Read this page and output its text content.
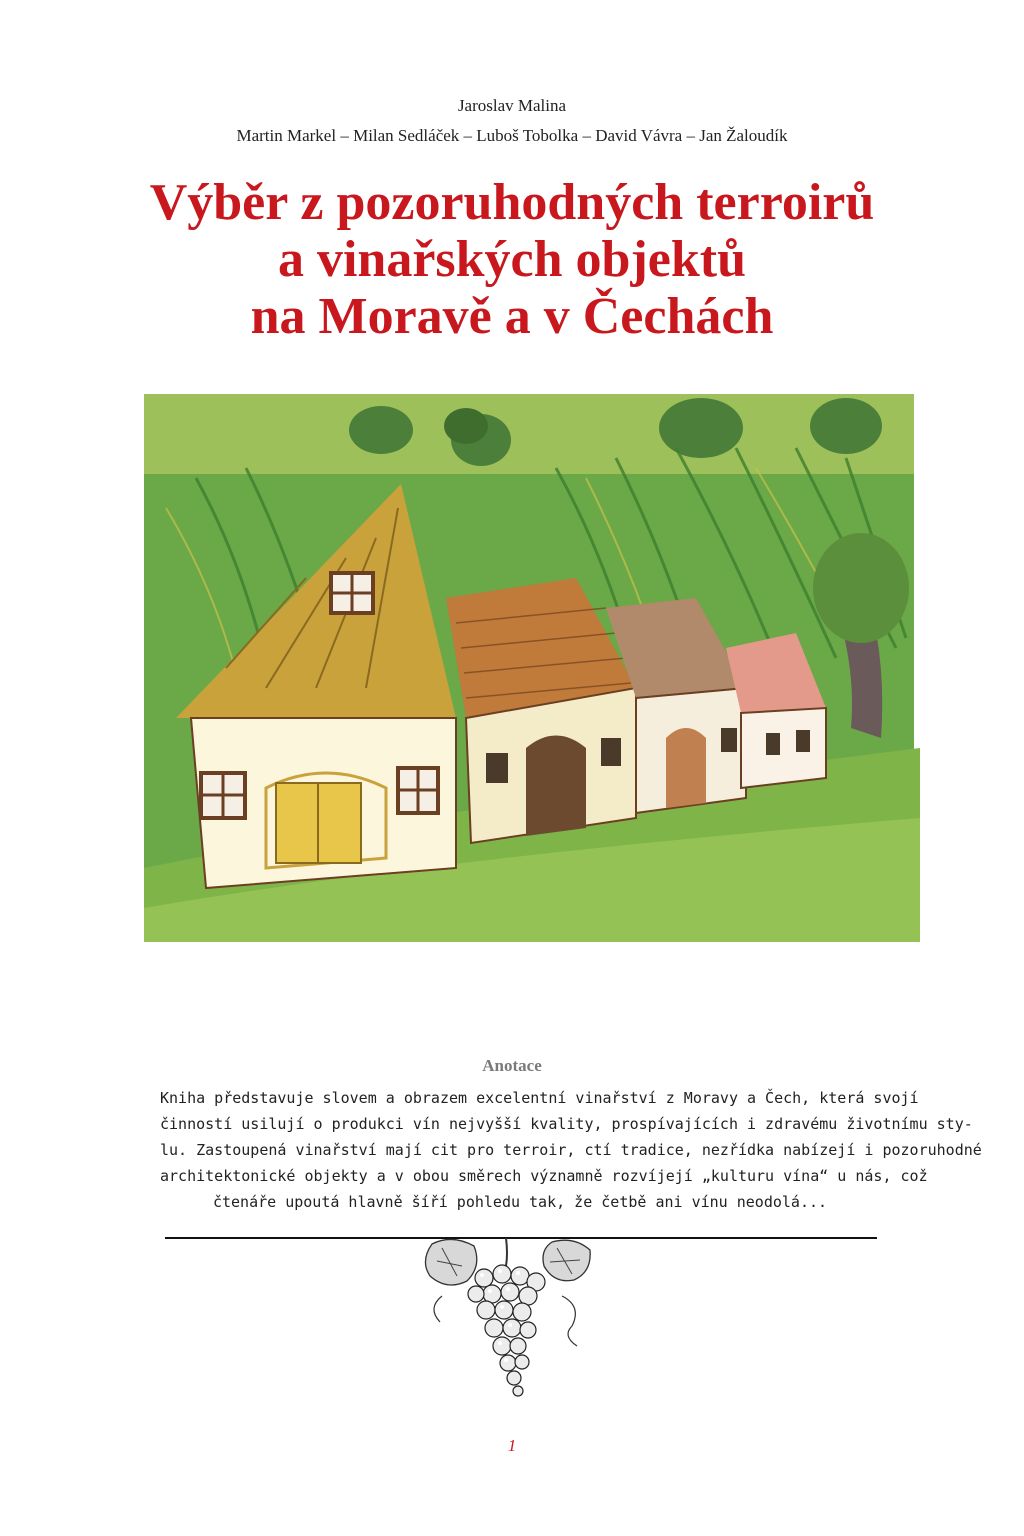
Jaroslav Malina
Martin Markel – Milan Sedláček – Luboš Tobolka – David Vávra – Jan Žaloudík
Výběr z pozoruhodných terroirů
a vinařských objektů
na Moravě a v Čechách
Anotace
Kniha představuje slovem a obrazem excelentní vinařství z Moravy a Čech, která svojí
činností usilují o produkci vín nejvyšší kvality, prospívajících i zdravému životnímu sty-
lu. Zastoupená vinařství mají cit pro terroir, ctí tradice, nezřídka nabízejí i pozoruhodné
architektonické objekty a v obou směrech významně rozvíjejí „kulturu vína“ u nás, což
čtenáře upoutá hlavně šíří pohledu tak, že četbě ani vínu neodolá...
1
